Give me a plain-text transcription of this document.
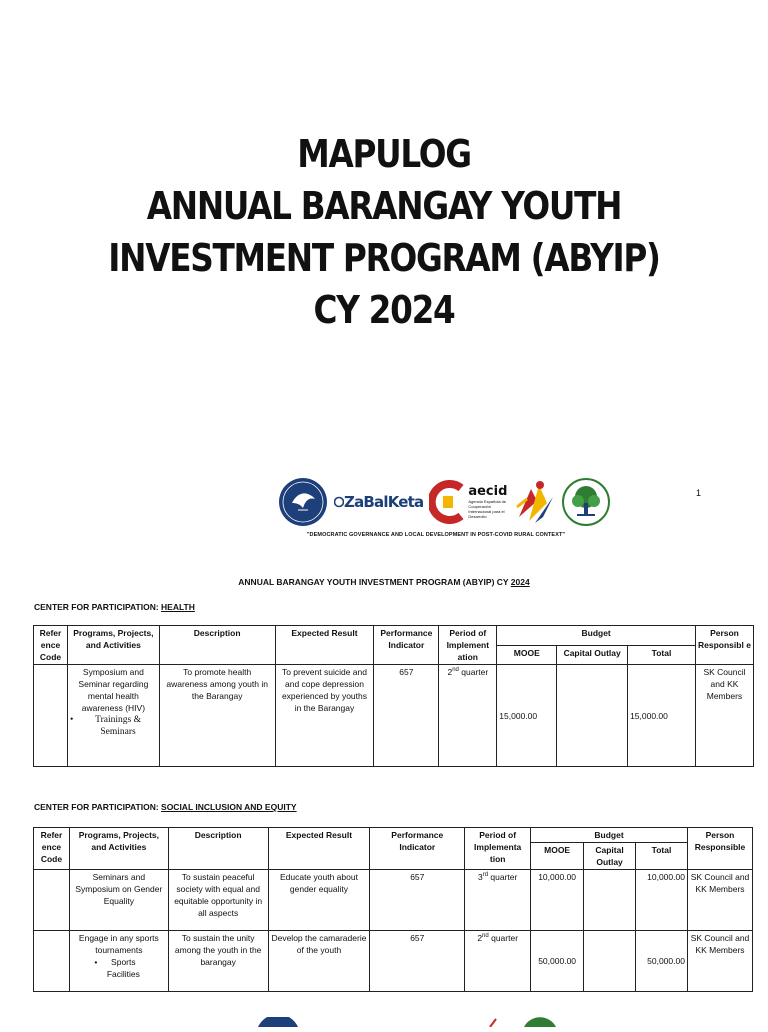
MAPULOG
ANNUAL BARANGAY YOUTH
INVESTMENT PROGRAM (ABYIP)
CY 2024
ZaBalKeta
aecid
Agencia Española de Cooperación Internacional para el Desarrollo
"DEMOCRATIC GOVERNANCE AND LOCAL DEVELOPMENT IN POST-COVID RURAL CONTEXT"
1
ANNUAL BARANGAY YOUTH INVESTMENT PROGRAM (ABYIP) CY 2024
CENTER FOR PARTICIPATION: HEALTH
Refer ence Code	Programs, Projects, and Activities	Description	Expected Result	Performance Indicator	Period of Implement ation	Budget			Person Responsibl e
						MOOE	Capital Outlay	Total	

	Symposium and Seminar regarding mental health awareness (HIV)
•
Trainings & Seminars	To promote health awareness among youth in the Barangay	To prevent suicide and and cope depression experienced by youths in the Barangay	657	2nd quarter	15,000.00		15,000.00	SK Council and KK Members
CENTER FOR PARTICIPATION: SOCIAL INCLUSION AND EQUITY
Refer ence Code	Programs, Projects, and Activities	Description	Expected Result	Performance Indicator	Period of Implementa tion	Budget			Person Responsible
						MOOE	Capital Outlay	Total	
	Seminars and Symposium on Gender Equality	To sustain peaceful society with equal and equitable opportunity in all aspects	Educate youth about gender equality	657	3rd quarter	10,000.00		10,000.00	SK Council and KK Members

	Engage in any sports tournaments
•
Sports Facilities	To sustain the unity among the youth in the barangay	Develop the camaraderie of the youth	657	2nd quarter	50,000.00		50,000.00	SK Council and KK Members
